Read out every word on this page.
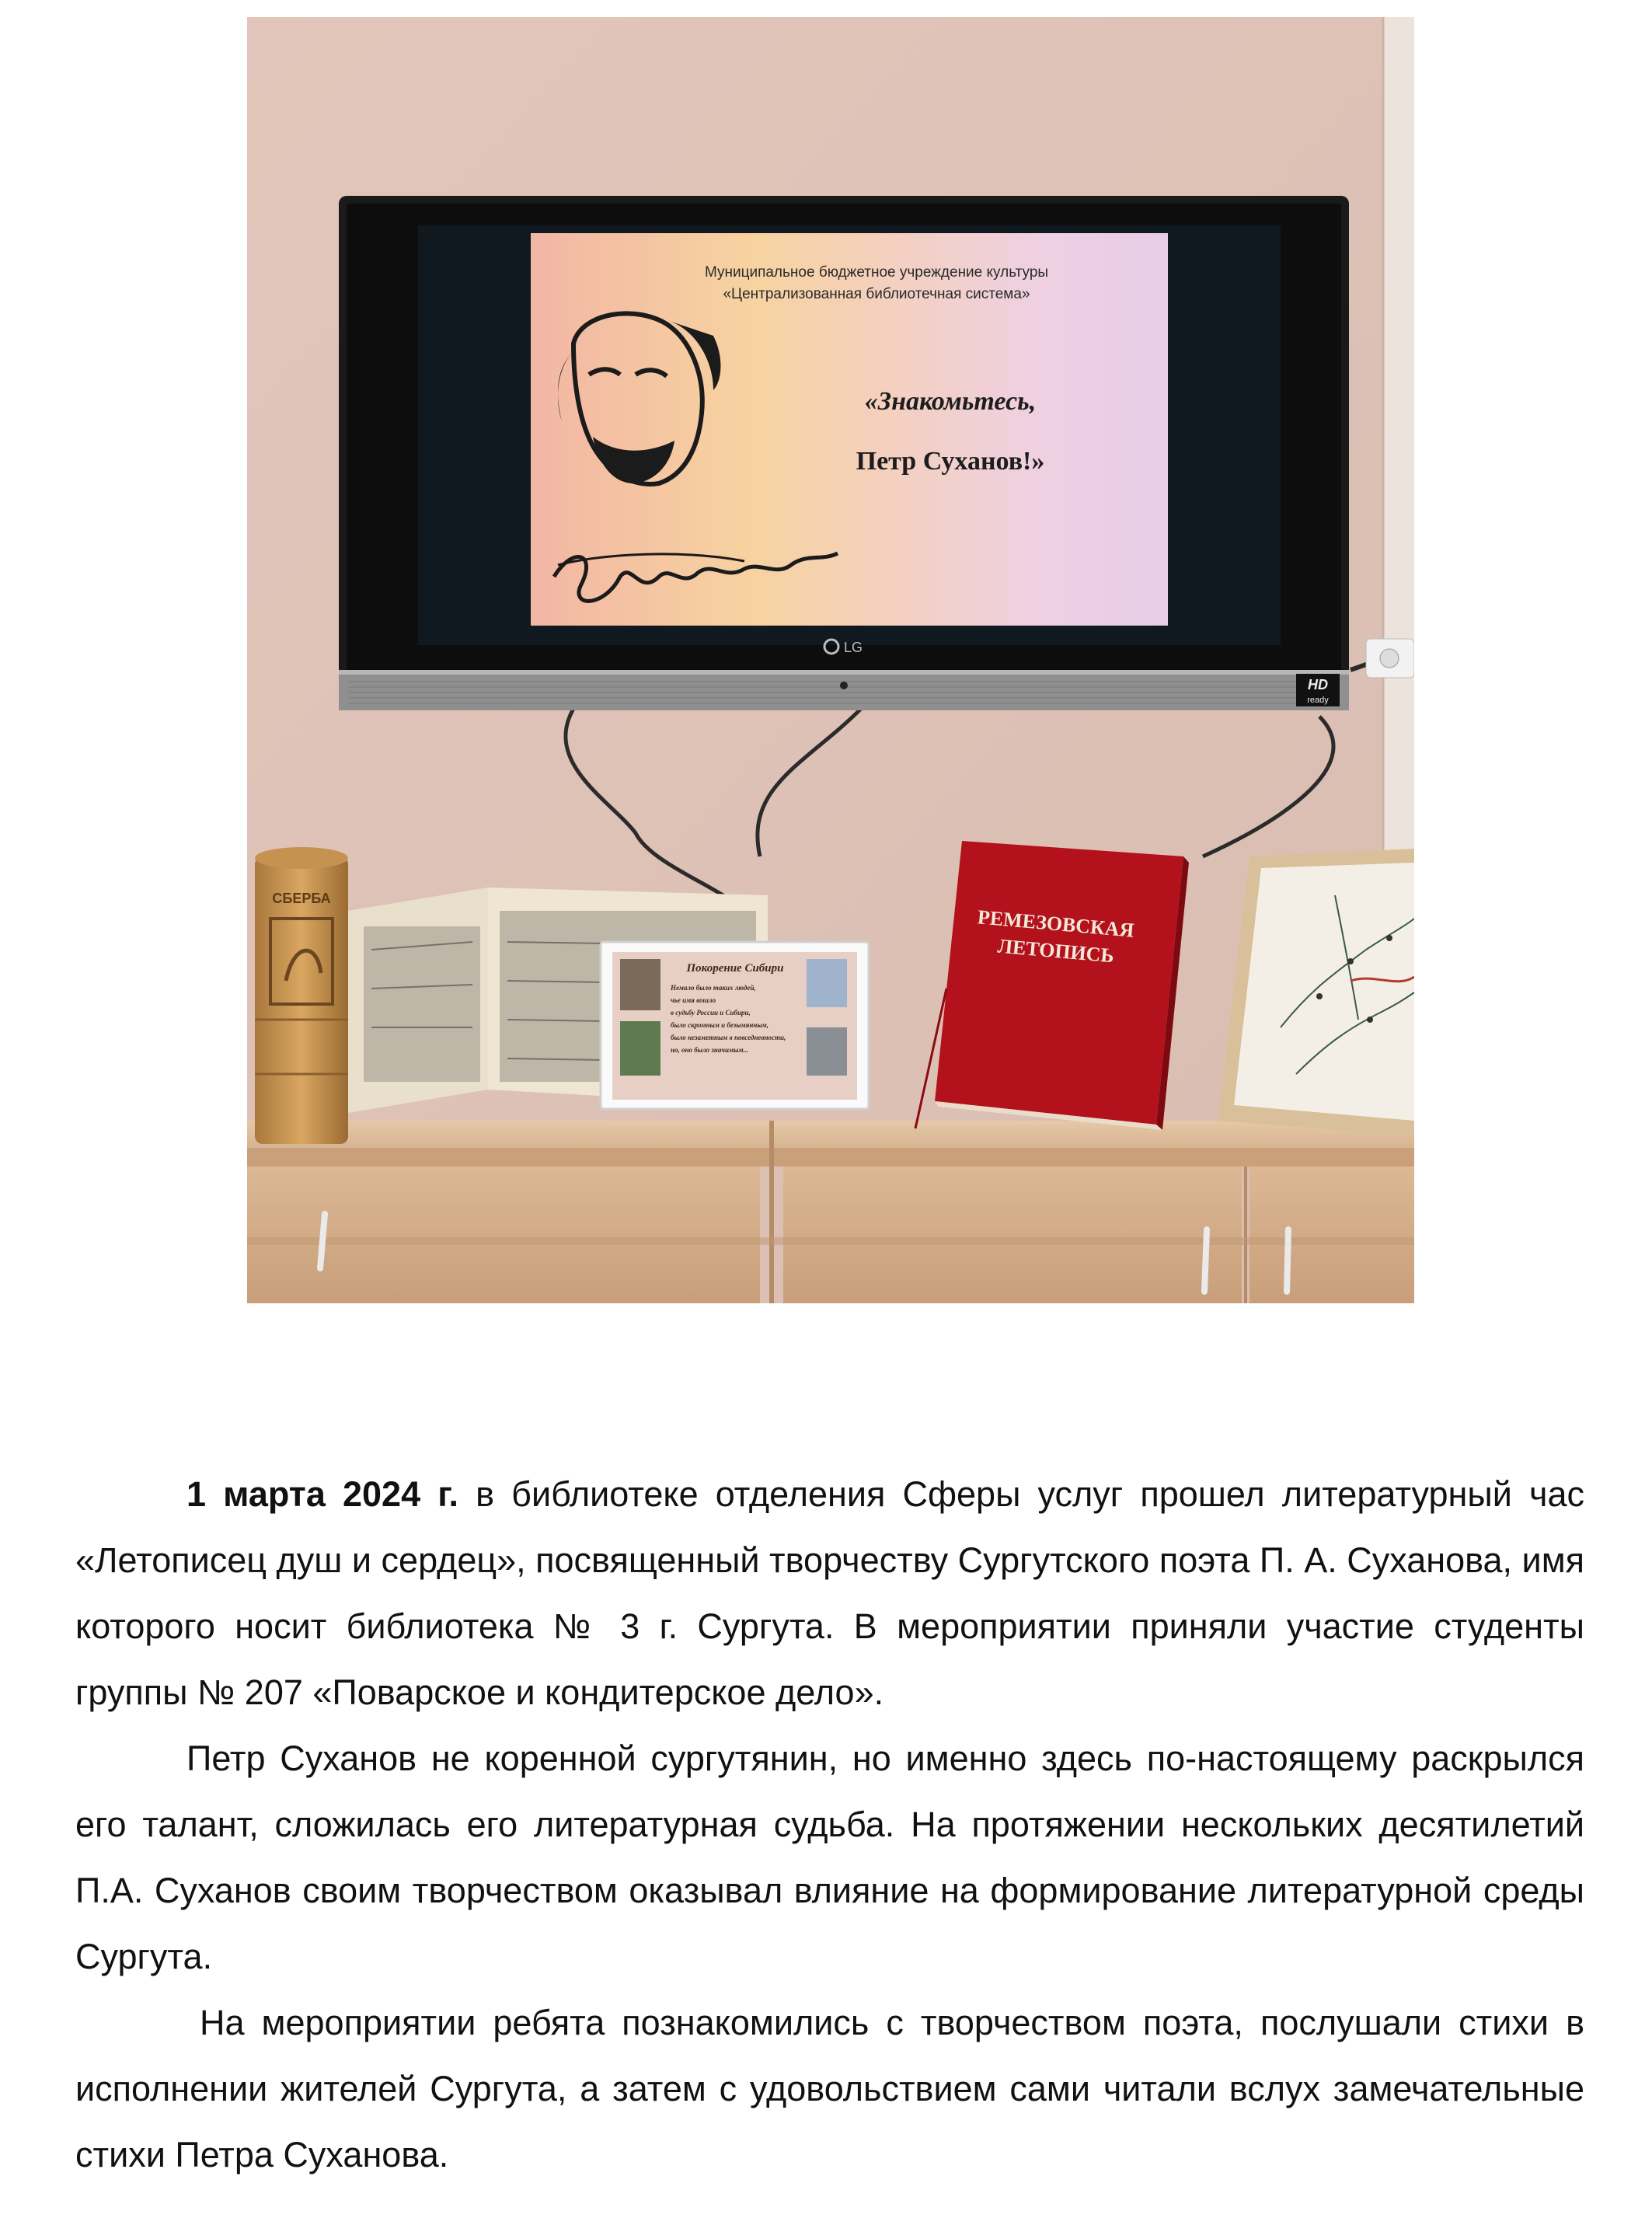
LG
HD
ready
Муниципальное бюджетное учреждение культуры
«Централизованная библиотечная система»
«Знакомьтесь,
Петр Суханов!»
СБЕРБА
Покорение Сибири
Немало было таких людей,
чье имя вошло
в судьбу России и Сибири,
было скромным и безымянным,
было незаметным в повседневности,
но, оно было значимым...
РЕМЕЗОВСКАЯ
ЛЕТОПИСЬ

1 марта 2024 г. в библиотеке отделения Сферы услуг прошел литературный час «Летописец душ и сердец», посвященный творчеству Сургутского поэта П. А. Суханова, имя которого носит библиотека № 3 г. Сургута. В мероприятии приняли участие студенты группы № 207 «Поварское и кондитерское дело».

Петр Суханов не коренной сургутянин, но именно здесь по-настоящему раскрылся его талант, сложилась его литературная судьба. На протяжении нескольких десятилетий П.А. Суханов своим творчеством оказывал влияние на формирование литературной среды Сургута.

На мероприятии ребята познакомились с творчеством поэта, послушали стихи в исполнении жителей Сургута, а затем с удовольствием сами читали вслух замечательные стихи Петра Суханова.
